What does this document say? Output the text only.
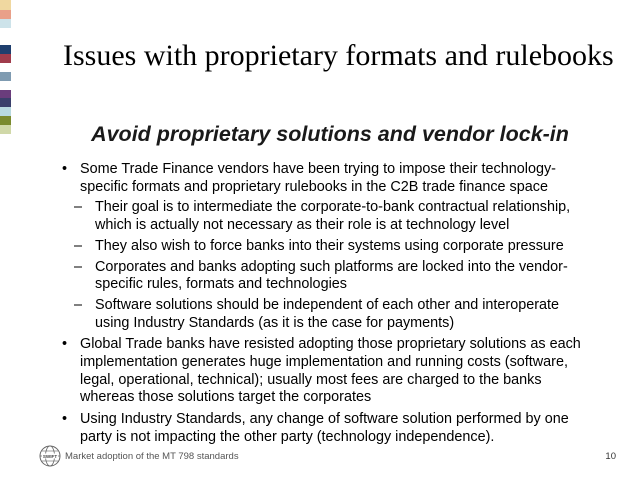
Issues with proprietary formats and rulebooks
Avoid proprietary solutions and vendor lock-in
• Some Trade Finance vendors have been trying to impose their technology-specific formats and proprietary rulebooks in the C2B trade finance space
– Their goal is to intermediate the corporate-to-bank contractual relationship, which is actually not necessary as their role is at technology level
– They also wish to force banks into their systems using corporate pressure
– Corporates and banks adopting such platforms are locked into the vendor-specific rules, formats and technologies
– Software solutions should be independent of each other and interoperate using Industry Standards (as it is the case for payments)
• Global Trade banks have resisted adopting those proprietary solutions as each implementation generates huge implementation and running costs (software, legal, operational, technical); usually most fees are charged to the banks whereas those solutions target the corporates
• Using Industry Standards, any change of software solution performed by one party is not impacting the other party (technology independence).
SWIFT Market adoption of the MT 798 standards	10
